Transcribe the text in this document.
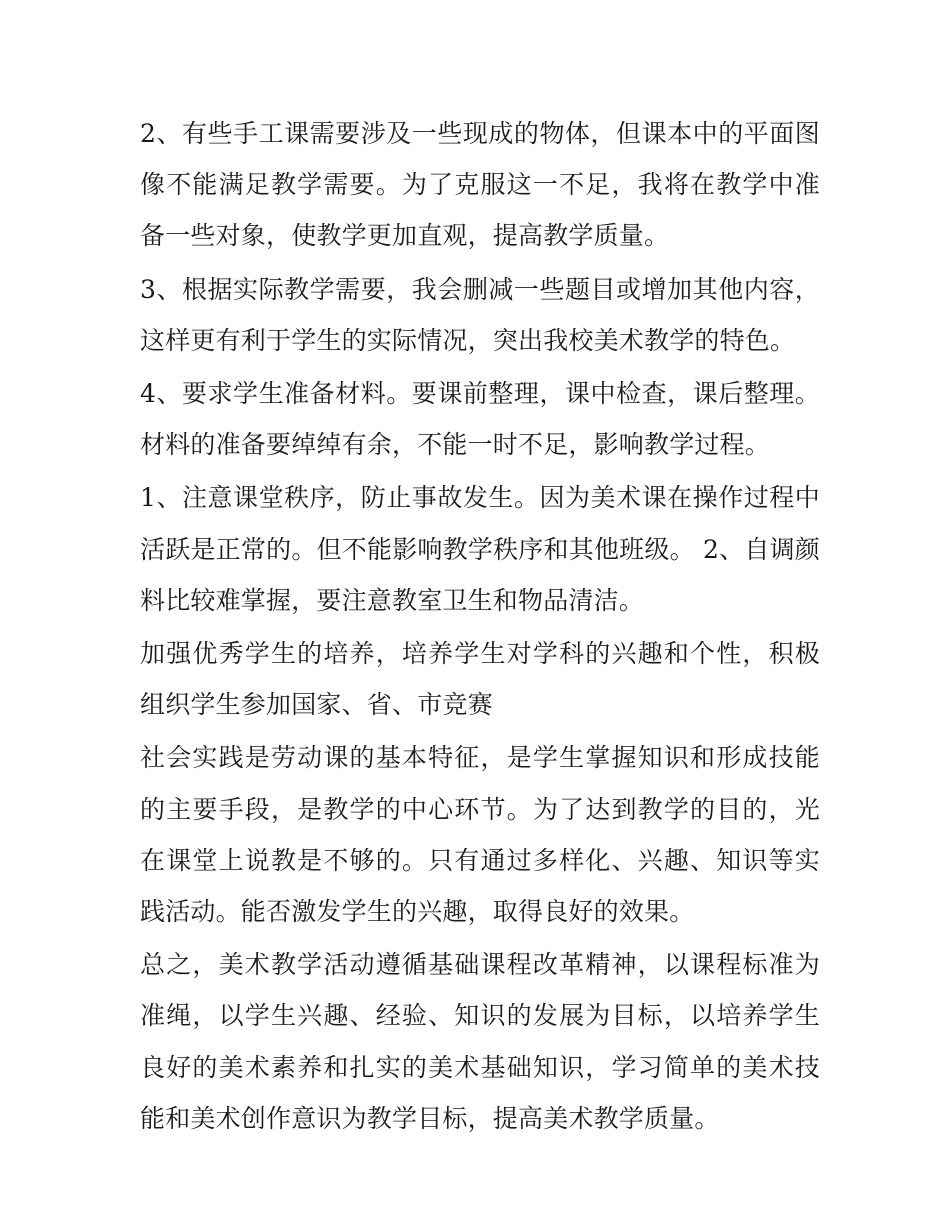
2、有些手工课需要涉及一些现成的物体，但课本中的平面图像不能满足教学需要。为了克服这一不足，我将在教学中准备一些对象，使教学更加直观，提高教学质量。

3、根据实际教学需要，我会删减一些题目或增加其他内容，这样更有利于学生的实际情况，突出我校美术教学的特色。

4、要求学生准备材料。要课前整理，课中检查，课后整理。材料的准备要绰绰有余，不能一时不足，影响教学过程。

1、注意课堂秩序，防止事故发生。因为美术课在操作过程中活跃是正常的。但不能影响教学秩序和其他班级。 2、自调颜料比较难掌握，要注意教室卫生和物品清洁。

加强优秀学生的培养，培养学生对学科的兴趣和个性，积极组织学生参加国家、省、市竞赛

社会实践是劳动课的基本特征，是学生掌握知识和形成技能的主要手段，是教学的中心环节。为了达到教学的目的，光在课堂上说教是不够的。只有通过多样化、兴趣、知识等实践活动。能否激发学生的兴趣，取得良好的效果。

总之，美术教学活动遵循基础课程改革精神，以课程标准为准绳，以学生兴趣、经验、知识的发展为目标，以培养学生良好的美术素养和扎实的美术基础知识，学习简单的美术技能和美术创作意识为教学目标，提高美术教学质量。
